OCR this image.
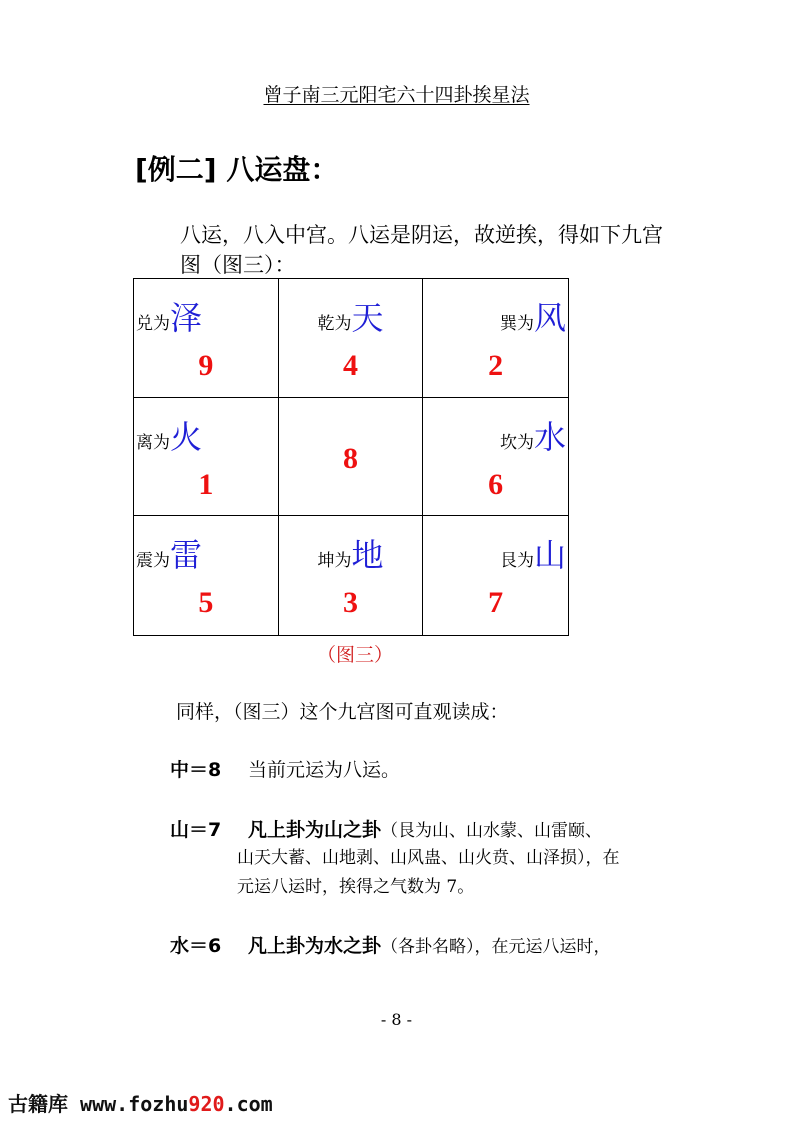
曾子南三元阳宅六十四卦挨星法
[例二] 八运盘：
八运，八入中宫。八运是阴运，故逆挨，得如下九宫图（图三）：
兑为泽
9
乾为天
4
巽为风
2
离为火
1
8	坎为水
6
震为雷
5
坤为地
3
艮为山
7
（图三）
同样，（图三）这个九宫图可直观读成：
中＝8 当前元运为八运。
山＝7 凡上卦为山之卦（艮为山、山水蒙、山雷颐、
山天大蓄、山地剥、山风蛊、山火贲、山泽损），在
元运八运时，挨得之气数为 7。
水＝6 凡上卦为水之卦（各卦名略），在元运八运时，
- 8 -
古籍库 www.fozhu920.com
